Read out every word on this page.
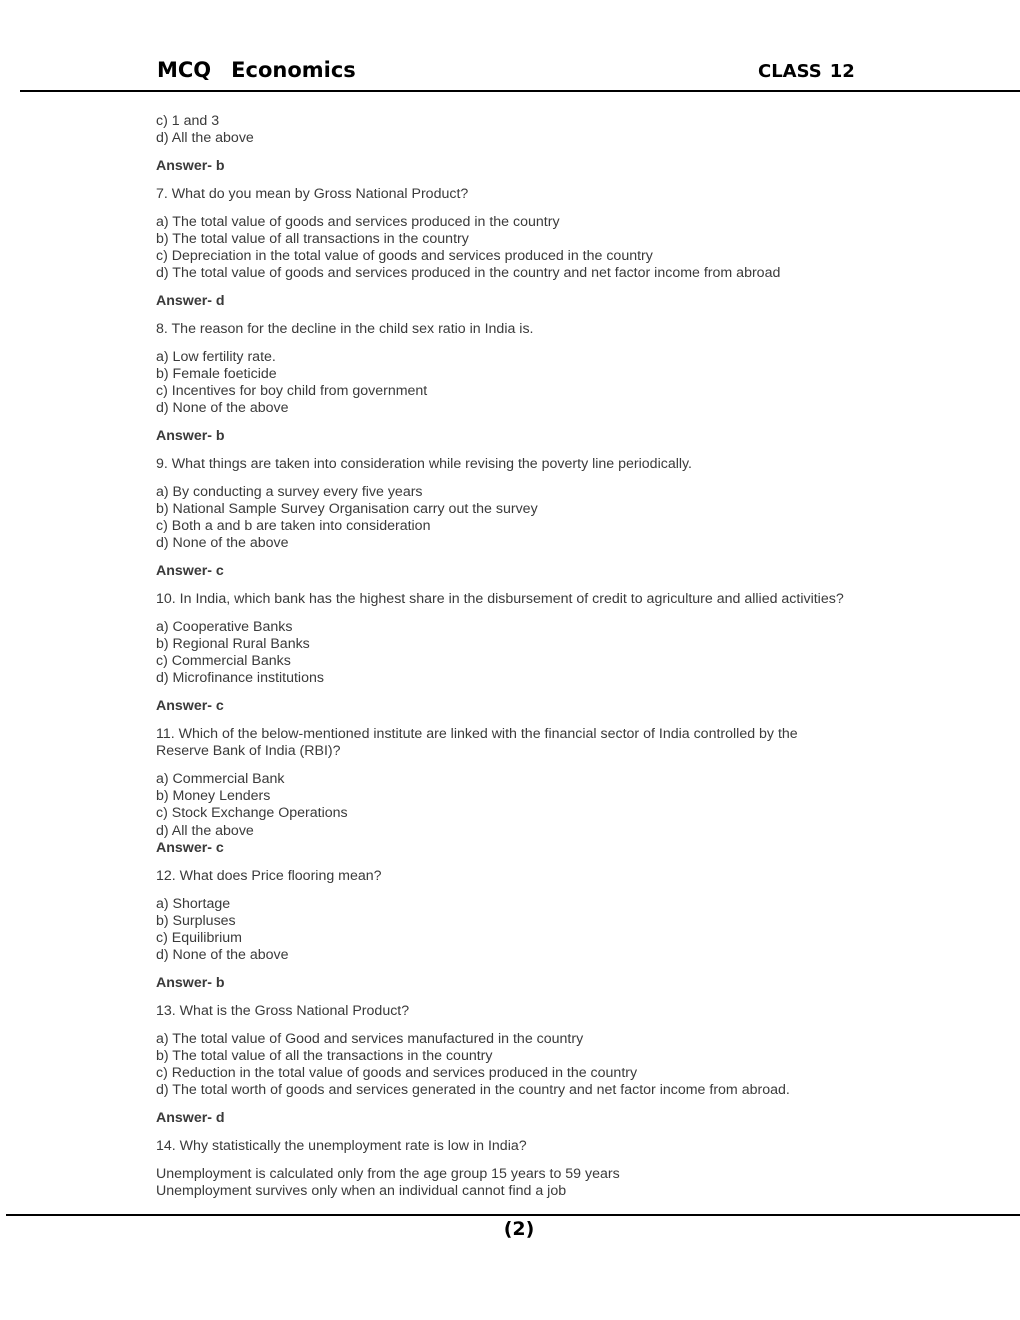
MCQ Economics	CLASS 12
c) 1 and 3
d) All the above
Answer- b
7. What do you mean by Gross National Product?
a) The total value of goods and services produced in the country
b) The total value of all transactions in the country
c) Depreciation in the total value of goods and services produced in the country
d) The total value of goods and services produced in the country and net factor income from abroad
Answer- d
8. The reason for the decline in the child sex ratio in India is.
a) Low fertility rate.
b) Female foeticide
c) Incentives for boy child from government
d) None of the above
Answer- b
9. What things are taken into consideration while revising the poverty line periodically.
a) By conducting a survey every five years
b) National Sample Survey Organisation carry out the survey
c) Both a and b are taken into consideration
d) None of the above
Answer- c
10. In India, which bank has the highest share in the disbursement of credit to agriculture and allied activities?
a) Cooperative Banks
b) Regional Rural Banks
c) Commercial Banks
d) Microfinance institutions
Answer- c
11. Which of the below-mentioned institute are linked with the financial sector of India controlled by the
Reserve Bank of India (RBI)?
a) Commercial Bank
b) Money Lenders
c) Stock Exchange Operations
d) All the above
Answer- c
12. What does Price flooring mean?
a) Shortage
b) Surpluses
c) Equilibrium
d) None of the above
Answer- b
13. What is the Gross National Product?
a) The total value of Good and services manufactured in the country
b) The total value of all the transactions in the country
c) Reduction in the total value of goods and services produced in the country
d) The total worth of goods and services generated in the country and net factor income from abroad.
Answer- d
14. Why statistically the unemployment rate is low in India?
Unemployment is calculated only from the age group 15 years to 59 years
Unemployment survives only when an individual cannot find a job
(2)
